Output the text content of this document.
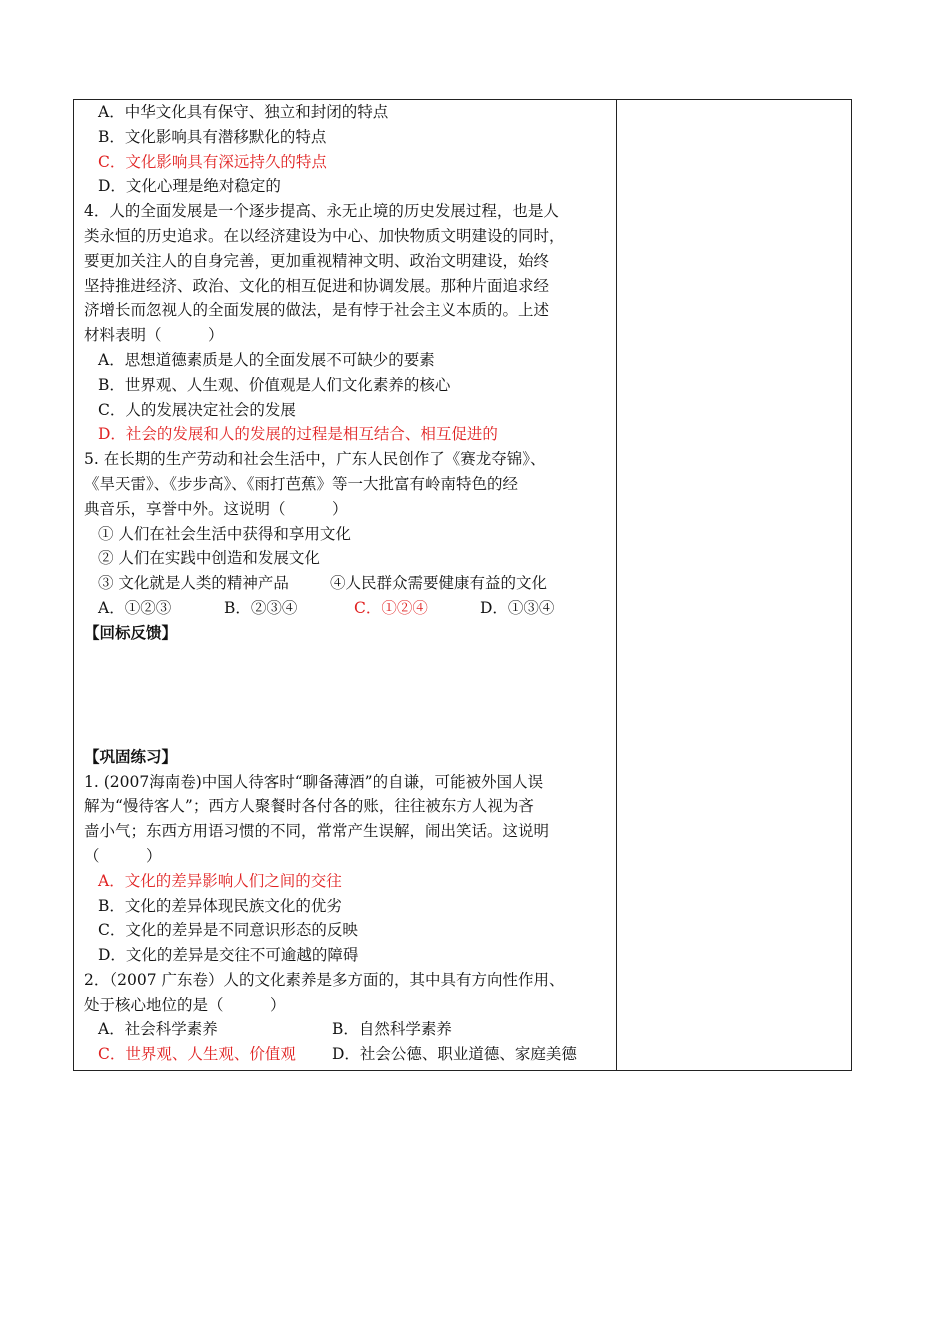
A．中华文化具有保守、独立和封闭的特点
B．文化影响具有潜移默化的特点
C．文化影响具有深远持久的特点
D．文化心理是绝对稳定的
4．人的全面发展是一个逐步提高、永无止境的历史发展过程，也是人
类永恒的历史追求。在以经济建设为中心、加快物质文明建设的同时，
要更加关注人的自身完善，更加重视精神文明、政治文明建设，始终
坚持推进经济、政治、文化的相互促进和协调发展。那种片面追求经
济增长而忽视人的全面发展的做法，是有悖于社会主义本质的。上述
材料表明（　　　）
A．思想道德素质是人的全面发展不可缺少的要素
B．世界观、人生观、价值观是人们文化素养的核心
C．人的发展决定社会的发展
D．社会的发展和人的发展的过程是相互结合、相互促进的
5. 在长期的生产劳动和社会生活中，广东人民创作了《赛龙夺锦》、
《旱天雷》、《步步高》、《雨打芭蕉》等一大批富有岭南特色的经
典音乐，享誉中外。这说明（　　　）
① 人们在社会生活中获得和享用文化
② 人们在实践中创造和发展文化
③ 文化就是人类的精神产品	④人民群众需要健康有益的文化
A．①②③	B．②③④	C．①②④	D．①③④
【回标反馈】
【巩固练习】
1. (2007海南卷)中国人待客时“聊备薄酒”的自谦，可能被外国人误
解为“慢待客人”；西方人聚餐时各付各的账，往往被东方人视为吝
啬小气；东西方用语习惯的不同，常常产生误解，闹出笑话。这说明
（　　　）
A．文化的差异影响人们之间的交往
B．文化的差异体现民族文化的优劣
C．文化的差异是不同意识形态的反映
D．文化的差异是交往不可逾越的障碍
2．（2007 广东卷）人的文化素养是多方面的，其中具有方向性作用、
处于核心地位的是（　　　）
A．社会科学素养	B．自然科学素养
C．世界观、人生观、价值观	D．社会公德、职业道德、家庭美德
